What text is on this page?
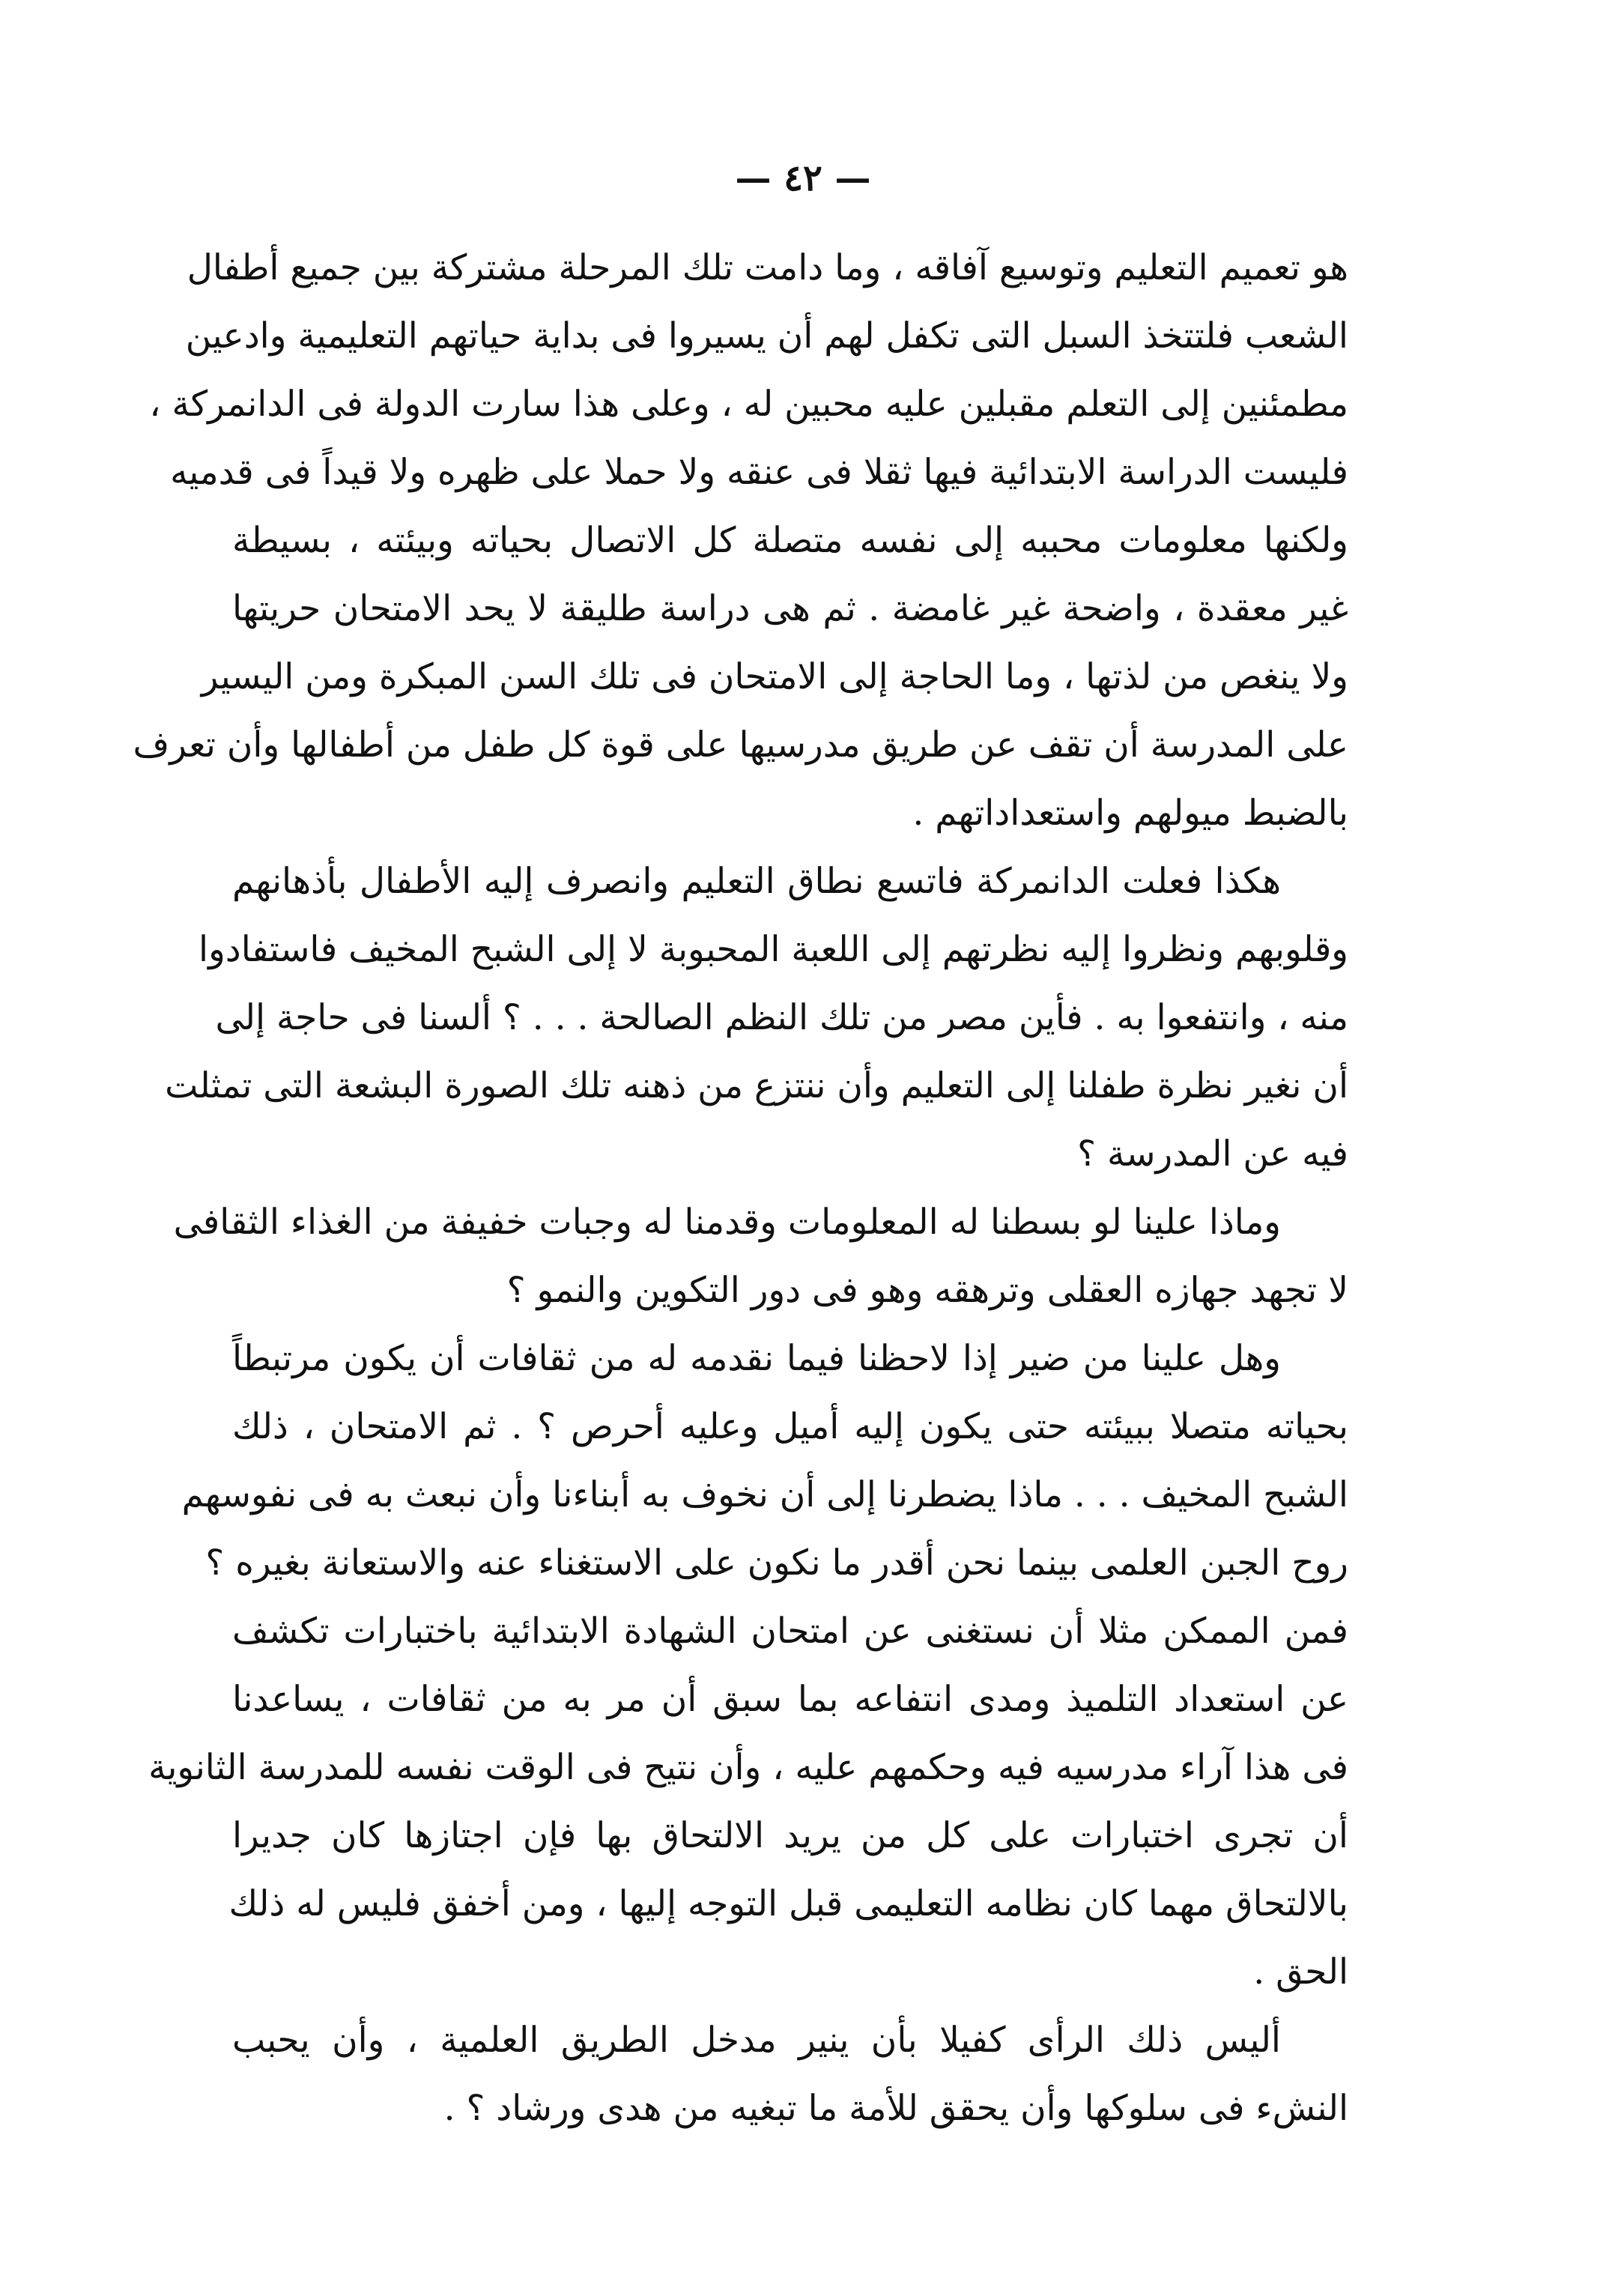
— ٤٢ —
هو تعميم التعليم وتوسيع آفاقه ، وما دامت تلك المرحلة مشتركة بين جميع أطفال
الشعب فلتتخذ السبل التى تكفل لهم أن يسيروا فى بداية حياتهم التعليمية وادعين
مطمئنين إلى التعلم مقبلين عليه محبين له ، وعلى هذا سارت الدولة فى الدانمركة ،
فليست الدراسة الابتدائية فيها ثقلا فى عنقه ولا حملا على ظهره ولا قيداً فى قدميه
ولكنها معلومات محببه إلى نفسه متصلة كل الاتصال بحياته وبيئته ، بسيطة
غير معقدة ، واضحة غير غامضة . ثم هى دراسة طليقة لا يحد الامتحان حريتها
ولا ينغص من لذتها ، وما الحاجة إلى الامتحان فى تلك السن المبكرة ومن اليسير
على المدرسة أن تقف عن طريق مدرسيها على قوة كل طفل من أطفالها وأن تعرف
بالضبط ميولهم واستعداداتهم .
هكذا فعلت الدانمركة فاتسع نطاق التعليم وانصرف إليه الأطفال بأذهانهم
وقلوبهم ونظروا إليه نظرتهم إلى اللعبة المحبوبة لا إلى الشبح المخيف فاستفادوا
منه ، وانتفعوا به . فأين مصر من تلك النظم الصالحة . . . ؟ ألسنا فى حاجة إلى
أن نغير نظرة طفلنا إلى التعليم وأن ننتزع من ذهنه تلك الصورة البشعة التى تمثلت
فيه عن المدرسة ؟
وماذا علينا لو بسطنا له المعلومات وقدمنا له وجبات خفيفة من الغذاء الثقافى
لا تجهد جهازه العقلى وترهقه وهو فى دور التكوين والنمو ؟
وهل علينا من ضير إذا لاحظنا فيما نقدمه له من ثقافات أن يكون مرتبطاً
بحياته متصلا ببيئته حتى يكون إليه أميل وعليه أحرص ؟ . ثم الامتحان ، ذلك
الشبح المخيف . . . ماذا يضطرنا إلى أن نخوف به أبناءنا وأن نبعث به فى نفوسهم
روح الجبن العلمى بينما نحن أقدر ما نكون على الاستغناء عنه والاستعانة بغيره ؟
فمن الممكن مثلا أن نستغنى عن امتحان الشهادة الابتدائية باختبارات تكشف
عن استعداد التلميذ ومدى انتفاعه بما سبق أن مر به من ثقافات ، يساعدنا
فى هذا آراء مدرسيه فيه وحكمهم عليه ، وأن نتيح فى الوقت نفسه للمدرسة الثانوية
أن تجرى اختبارات على كل من يريد الالتحاق بها فإن اجتازها كان جديرا
بالالتحاق مهما كان نظامه التعليمى قبل التوجه إليها ، ومن أخفق فليس له ذلك
الحق .
أليس ذلك الرأى كفيلا بأن ينير مدخل الطريق العلمية ، وأن يحبب
النشء فى سلوكها وأن يحقق للأمة ما تبغيه من هدى ورشاد ؟ .
